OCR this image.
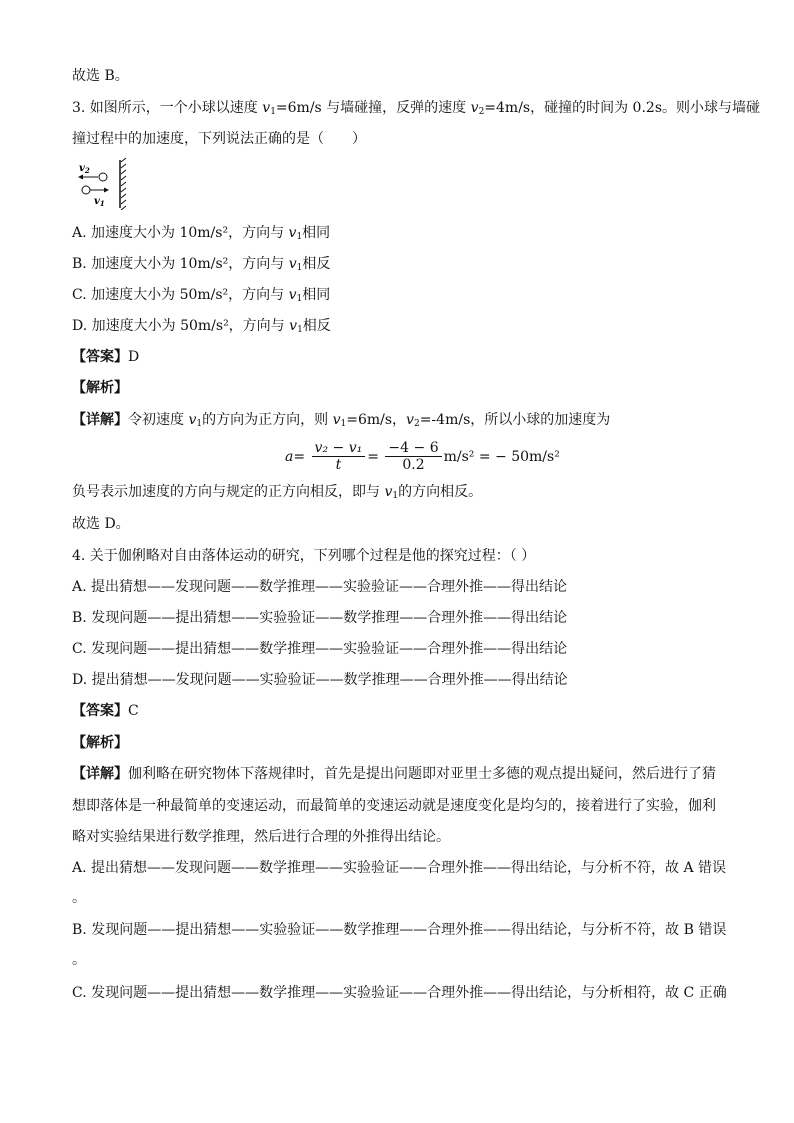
故选 B。
3. 如图所示，一个小球以速度 $v_1=6m/s$ 与墙碰撞，反弹的速度 $v_2=4m/s$，碰撞的时间为 0.2s。则小球与墙碰
撞过程中的加速度，下列说法正确的是（　　）
$v_2$
$v_1$
A. 加速度大小为 10m/s²，方向与 $v_1$相同
B. 加速度大小为 10m/s²，方向与 $v_1$相反
C. 加速度大小为 50m/s²，方向与 $v_1$相同
D. 加速度大小为 50m/s²，方向与 $v_1$相反
【答案】D
【解析】
【详解】令初速度 $v_1$的方向为正方向，则 $v_1=6m/s$，$v_2=-4m/s$，所以小球的加速度为
$a= \frac{\text{v₂ − v₁}}{t} = \frac{-4 - 6}{0.2} m/s^2$ = − 50m/s²
负号表示加速度的方向与规定的正方向相反，即与 $v_1$的方向相反。
故选 D。
4. 关于伽俐略对自由落体运动的研究，下列哪个过程是他的探究过程：（ ）
A. 提出猜想——发现问题——数学推理——实验验证——合理外推——得出结论
B. 发现问题——提出猜想——实验验证——数学推理——合理外推——得出结论
C. 发现问题——提出猜想——数学推理——实验验证——合理外推——得出结论
D. 提出猜想——发现问题——实验验证——数学推理——合理外推——得出结论
【答案】C
【解析】
【详解】伽利略在研究物体下落规律时，首先是提出问题即对亚里士多德的观点提出疑问，然后进行了猜
想即落体是一种最简单的变速运动，而最简单的变速运动就是速度变化是均匀的，接着进行了实验，伽利
略对实验结果进行数学推理，然后进行合理的外推得出结论。
A. 提出猜想——发现问题——数学推理——实验验证——合理外推——得出结论，与分析不符，故 A 错误
。
B. 发现问题——提出猜想——实验验证——数学推理——合理外推——得出结论，与分析不符，故 B 错误
。
C. 发现问题——提出猜想——数学推理——实验验证——合理外推——得出结论，与分析相符，故 C 正确
